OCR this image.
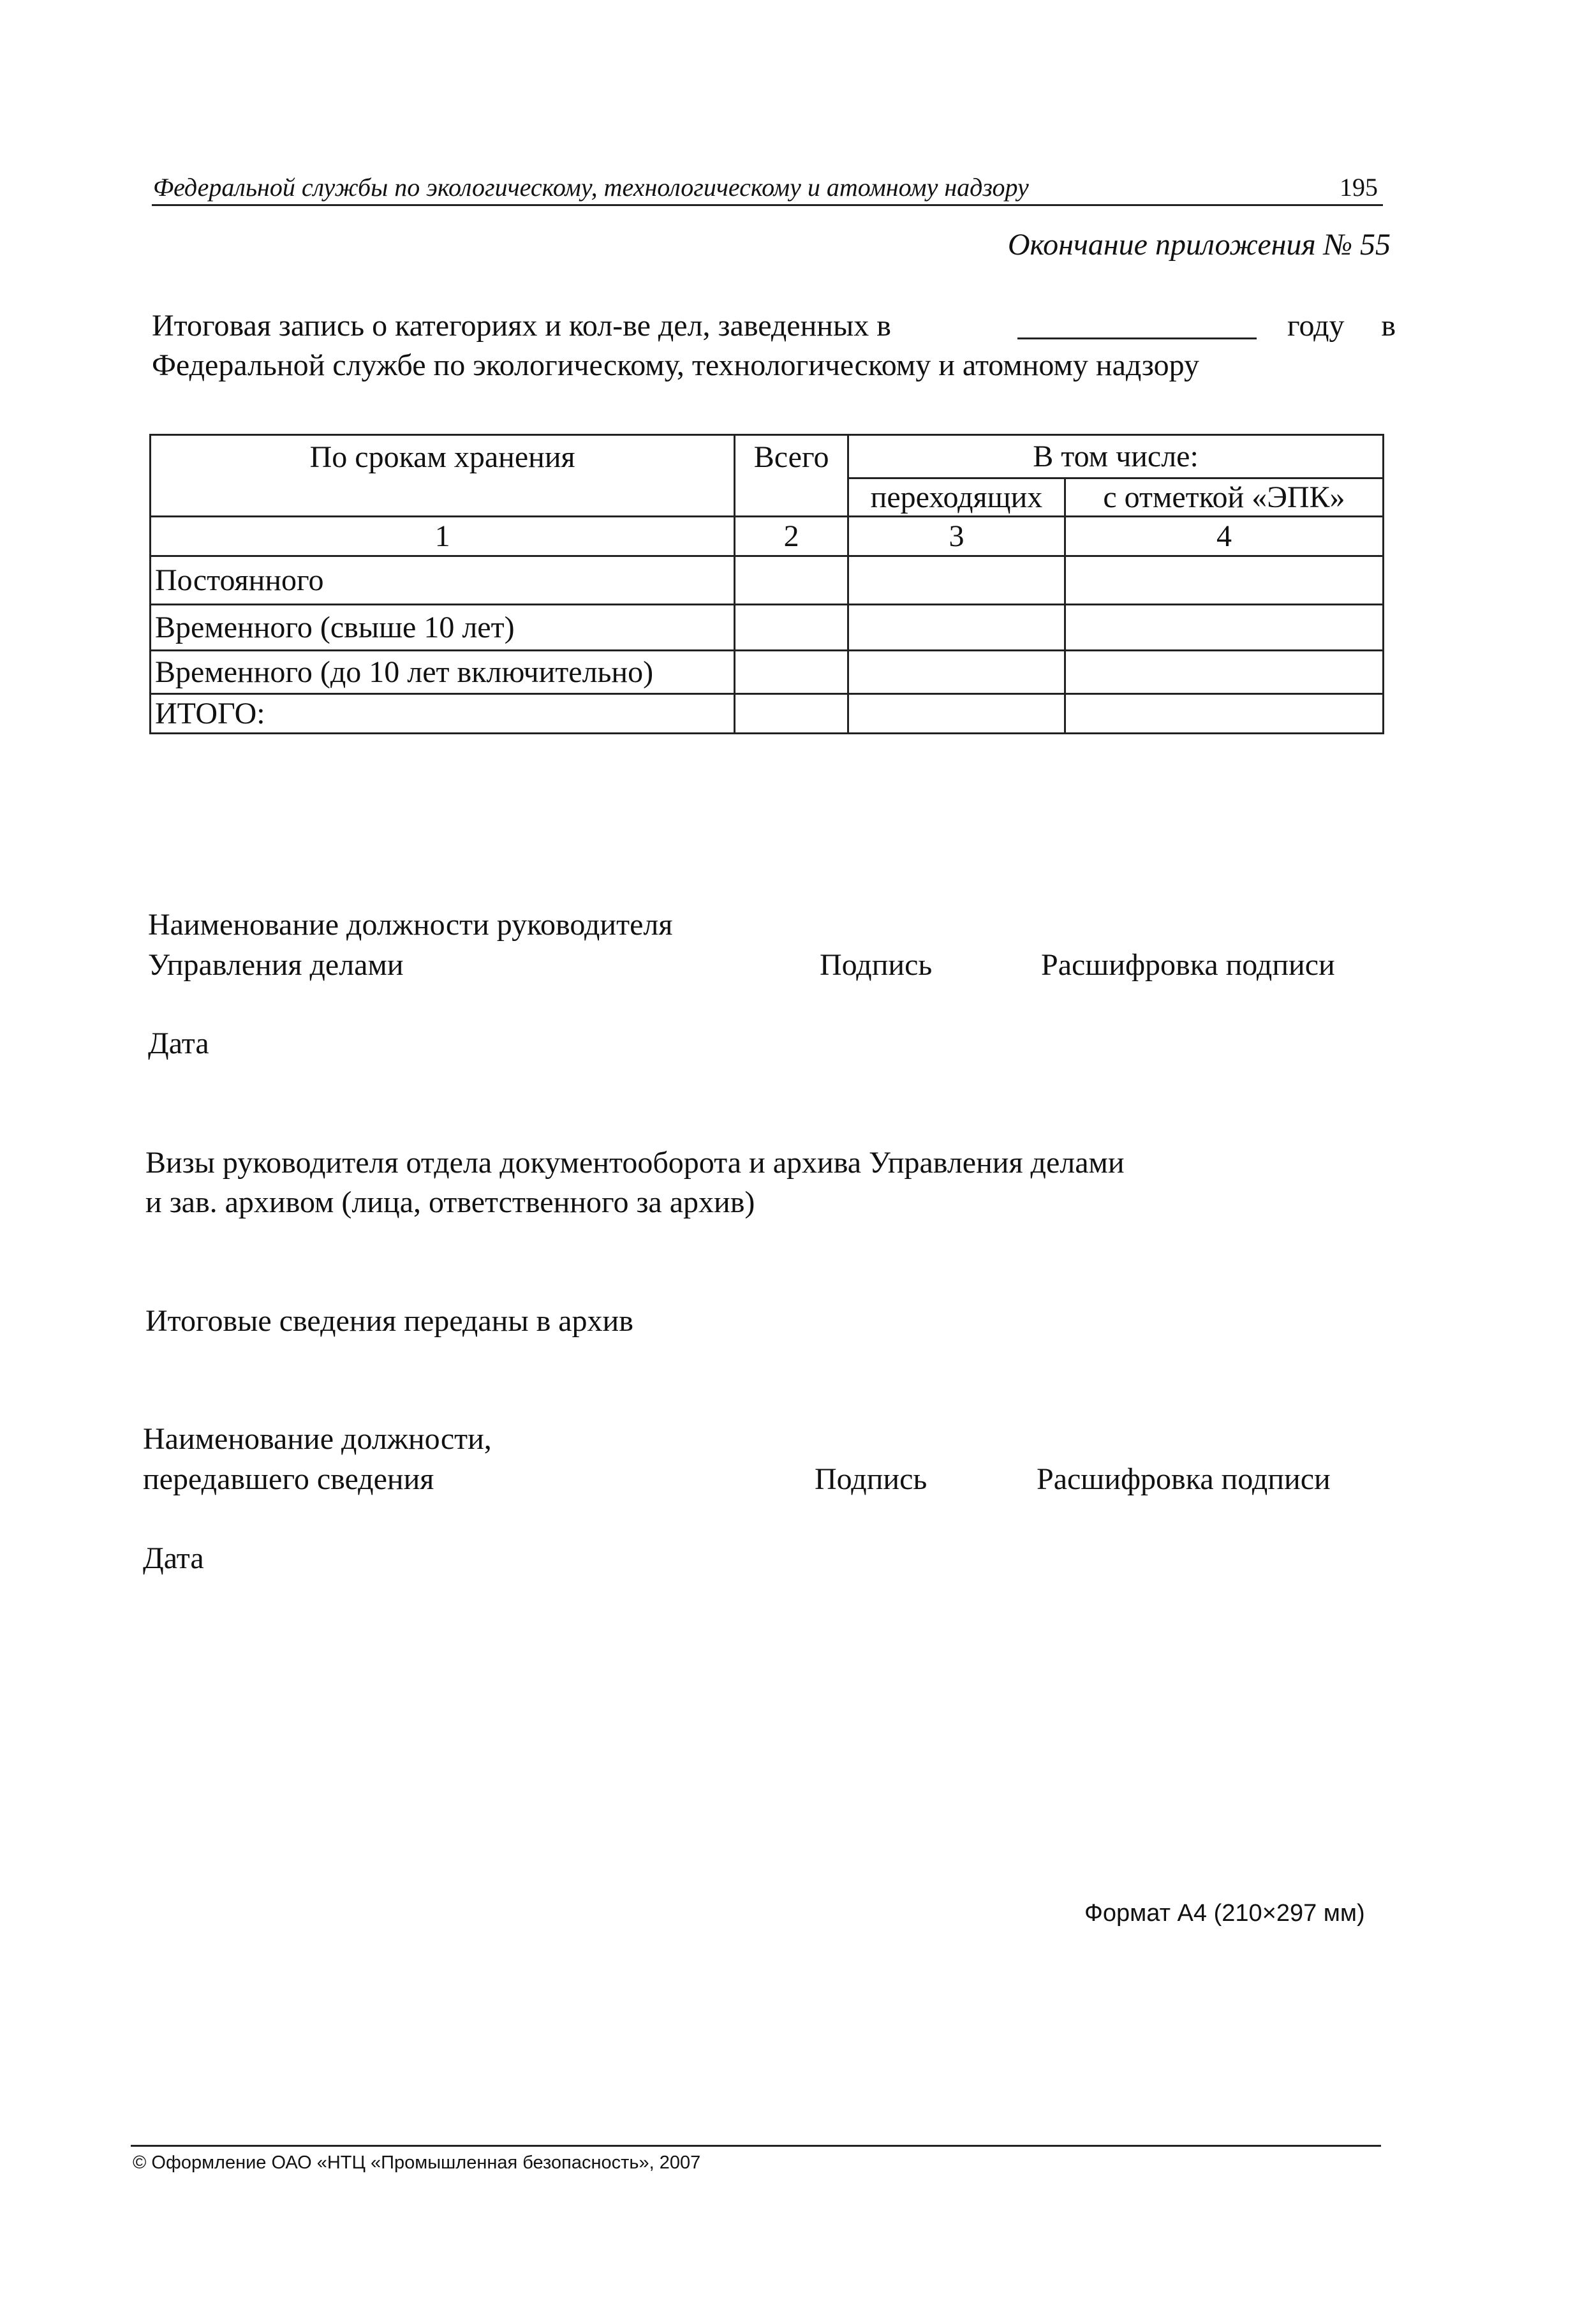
Федеральной службы по экологическому, технологическому и атомному надзору	195
Окончание приложения № 55
Итоговая запись о категориях и кол-ве дел, заведенных в	году в
Федеральной службе по экологическому, технологическому и атомному надзору
По срокам хранения	Всего	В том числе:	
		переходящих	с отметкой «ЭПК»
1	2	3	4
Постоянного			
Временного (свыше 10 лет)			
Временного (до 10 лет включительно)			
ИТОГО:			
Наименование должности руководителя
Управления делами	Подпись	Расшифровка подписи
Дата
Визы руководителя отдела документооборота и архива Управления делами
и зав. архивом (лица, ответственного за архив)
Итоговые сведения переданы в архив
Наименование должности,
передавшего сведения	Подпись	Расшифровка подписи
Дата
Формат А4 (210×297 мм)
© Оформление ОАО «НТЦ «Промышленная безопасность», 2007
